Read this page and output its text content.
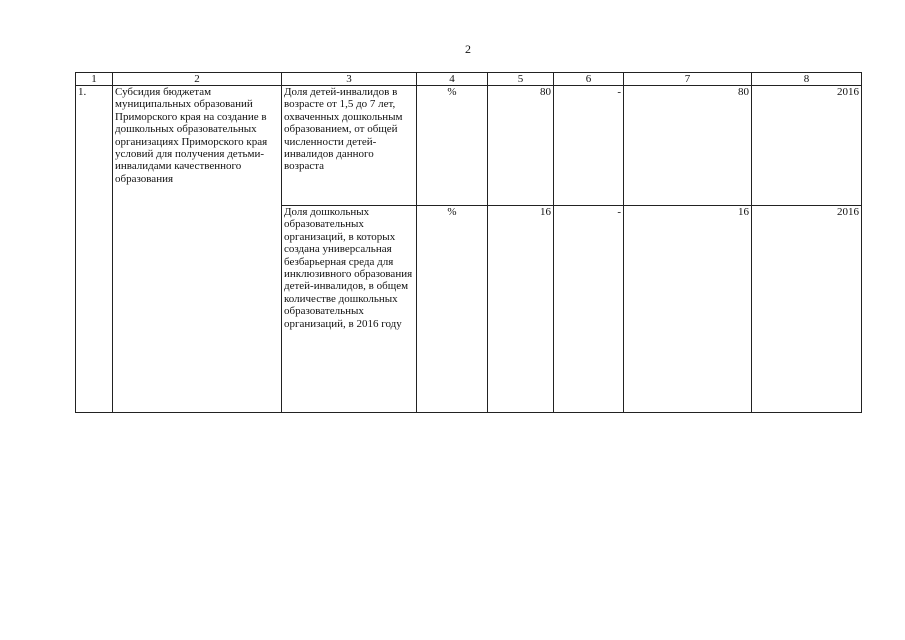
2
1	2	3	4	5	6	7	8
1.	Субсидия бюджетам муниципальных образований Приморского края на создание в дошкольных образовательных организациях Приморского края условий для получения детьми-инвалидами качественного образования	Доля детей-инвалидов в возрасте от 1,5 до 7 лет, охваченных дошкольным образованием, от общей численности детей-инвалидов данного возраста	%	80	-	80	2016
		Доля дошкольных образовательных организаций, в которых создана универсальная безбарьерная среда для инклюзивного образования детей-инвалидов, в общем количестве дошкольных образовательных организаций, в 2016 году	%	16	-	16	2016
